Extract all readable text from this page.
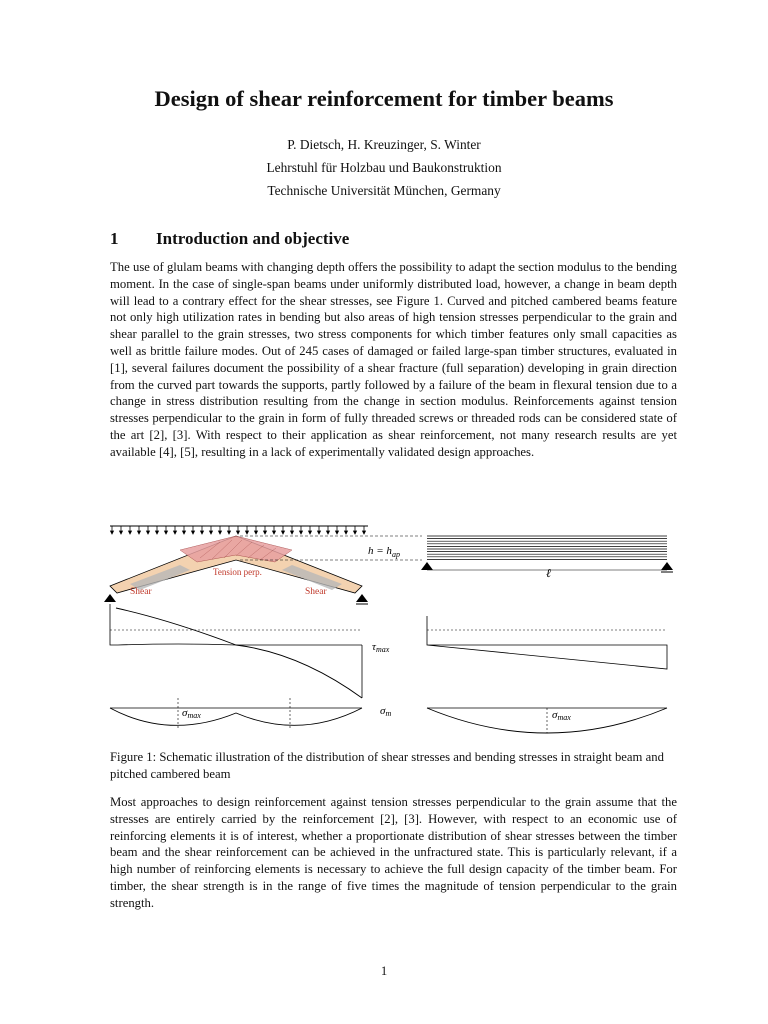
Design of shear reinforcement for timber beams
P. Dietsch, H. Kreuzinger, S. Winter
Lehrstuhl für Holzbau und Baukonstruktion
Technische Universität München, Germany
1 Introduction and objective
The use of glulam beams with changing depth offers the possibility to adapt the section modulus to the bending moment. In the case of single-span beams under uniformly distributed load, however, a change in beam depth will lead to a contrary effect for the shear stresses, see Figure 1. Curved and pitched cambered beams feature not only high utilization rates in bending but also areas of high tension stresses perpendicular to the grain and shear parallel to the grain stresses, two stress components for which timber features only small capacities as well as brittle failure modes. Out of 245 cases of damaged or failed large-span timber structures, evaluated in [1], several failures document the possibility of a shear fracture (full separation) developing in grain direction from the curved part towards the supports, partly followed by a failure of the beam in flexural tension due to a change in stress distribution resulting from the change in section modulus. Reinforcements against tension stresses perpendicular to the grain in form of fully threaded screws or threaded rods can be considered state of the art [2], [3]. With respect to their application as shear reinforcement, not many research results are yet available [4], [5], resulting in a lack of experimentally validated design approaches.
Tension perp.
Shear	Shear
$h = h_{ap}$
ℓ
τmax
σmax	σm	σmax
Figure 1: Schematic illustration of the distribution of shear stresses and bending stresses in straight beam and pitched cambered beam
Most approaches to design reinforcement against tension stresses perpendicular to the grain assume that the stresses are entirely carried by the reinforcement [2], [3]. However, with respect to an economic use of reinforcing elements it is of interest, whether a proportionate distribution of shear stresses between the timber beam and the shear reinforcement can be achieved in the unfractured state. This is particularly relevant, if a high number of reinforcing elements is necessary to achieve the full design capacity of the timber beam. For timber, the shear strength is in the range of five times the magnitude of tension perpendicular to the grain strength.
1
